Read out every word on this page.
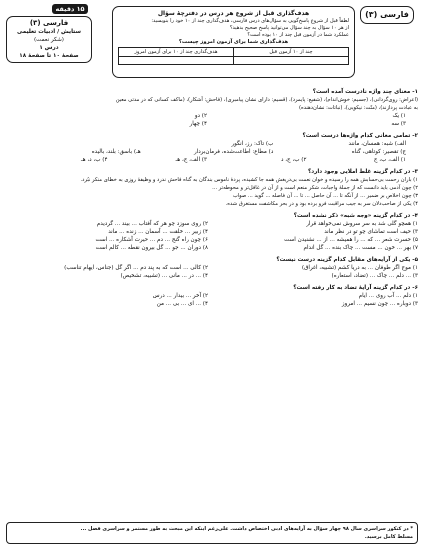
فارسی (۳)
۱۵ دقیقه
فارسی (۳)
ستایش / ادبیات تعلیمی
(شکر نعمت)
درس ۱
صفحهٔ ۱۰ تا صفحهٔ ۱۸
هدف‌گذاری قبل از شروع هر درس در دفترچهٔ سؤال
لطفاً قبل از شروع پاسخ‌گویی به سؤال‌های درس فارسی، هدف‌گذاری چند از ۱۰ خود را بنویسید:
از هر ۱۰ سؤال به چند سؤال می‌توانید پاسخ صحیح بدهید؟
عملکرد شما در آزمون قبل چند از ۱۰ بوده است؟
هدف‌گذاری شما برای آزمون امروز چیست؟
چند از ۱۰ آزمون قبل
هدف‌گذاری چند از ۱۰ برای آزمون امروز
۱- معنای چند واژه نادرست آمده است؟
(اعراض: روی‌گردانی)، (جسیم: خوش‌اندام)، (شفیع: پایمرد)، (قسیم: دارای نشان پیامبری)، (فاحش: آشکار)، (ماکف کسانی که در مدتی معین
به عبادت پردازند)، (منّت: نیکویی)، (نباتات: نشان‌دهنده)
۱) یک
۲) دو
۳) سه
۴) چهار
۲- تمامی معانی کدام واژه‌ها درست است؟
الف) شبه: همسان، مانند
ب) تاک: رز، انگور
ج) تقصیر: کوتاهی، گناه
د) مطاع: اطاعت‌شده، فرمان‌بردار
هـ) باسق: بلند، بالیده
۱) الف، ب، ج
۲) ب، ج، د
۳) الف، ج، هـ
۴) ب، د، هـ
۳- در کدام گزینه غلط املایی وجود دارد؟
۱) باران رحمت بی‌حسابش همه را رسیده و خوان نعمت بی‌دریغش همه جا کشیده، پردهٔ ناموس بندگان به گناه فاحش ندرد و وظیفهٔ روزی به خطای منکر نبُرد.
۲) چون آدمی باید دانست که از جملهٔ واجبات، شکر منعم است و از آن در غافل‌تر و محوطه‌تر ...
۳) چون اخلاص بر ضمیر ... از آنگه تا ... آن حاصل ... تا ... آن فاصله ... گوید ... صواب
۴) یکی از صاحب‌دلان سر به جیب مراقبت فرو برده بود و در بحر مکاشفت مستغرق شده.
۴- در کدام گزینه «وجه شبه» ذکر نشده است؟
۱) همچو گلی شد به سر سروش نمی‌خواهد قرار
۲) روی سوزد چو هر که آفتاب ... بیند ... گردیدم
۳) حیف است تماشای چو تو در نظر ماند
۴) زبیر ... خلقت ... آسمان ... زنده ... ماند
۵) حسرت شعر ... که ... را همیشه ... از ... نشنیدن است
۶) چون راه گنج ... دم ... حیرت آشکاره ... است
۷) بهر ... خون ... مست ... چاک بنده ... گل اندام
۸) دوران ... جو ... گل بیرون نقطه ... کالم است
۵- یکی از آرایه‌های مقابل کدام گزینه درست نیست؟
۱) موج اگر طوفان ... به دریا کشم (تشبیه، اغراق)
۲) کالی ... است که به پند دم ... اگر گل (جناس، ایهام تناسب)
۳) ... دلم ... چاک ... (تضاد، استعاره)
۴) ... در ... مانی ... (تشبیه، تشخیص)
۶- در کدام گزینه آرایهٔ تضاد به کار رفته است؟
۱) دلم ... آب روی ... ایام
۲) آخر ... بیدار ... درس
۳) دوباره ... چون نسیم ... امروز
۴) ... ای ... بی ... من
* در کنکور سراسری سال ۹۸ چهار سؤال به آرایه‌های ادبی اختصاص داشت. علی‌رغم اینکه این مبحث به طور مستمر و سراسری فصل ...
مسلط کامل برسید.
